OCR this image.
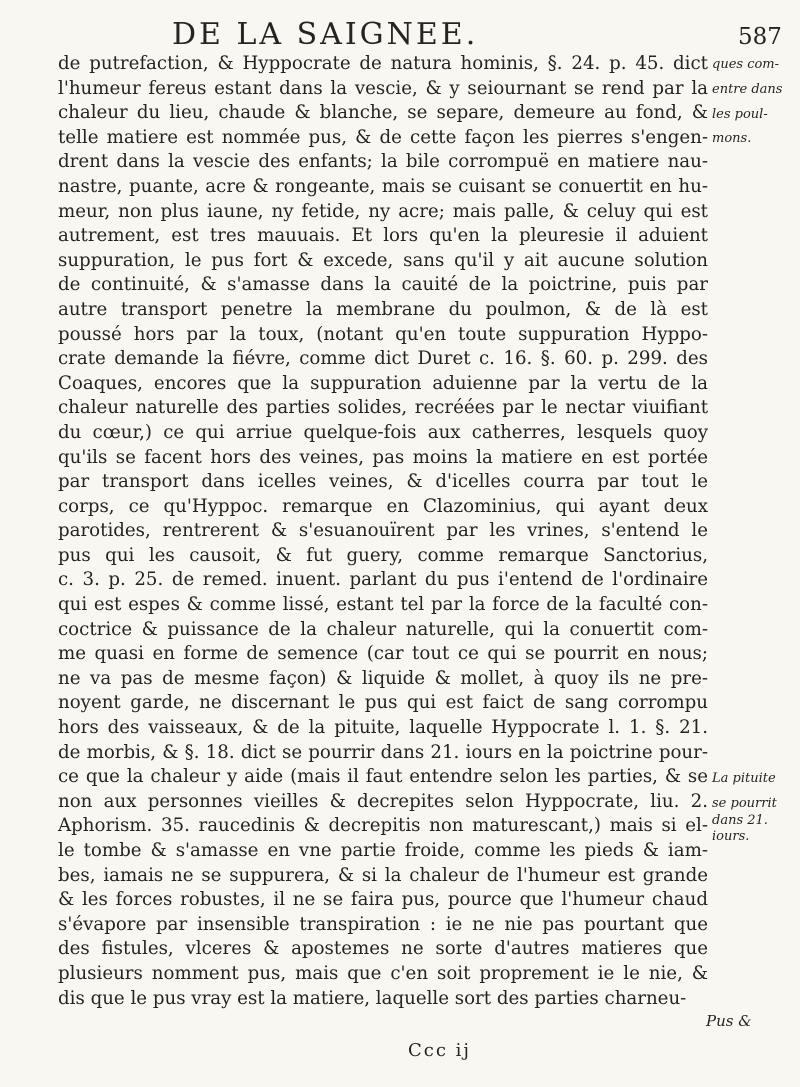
DE LA SAIGNEE.	587
de putrefaction, & Hyppocrate de natura hominis, §. 24. p. 45. dict
l'humeur fereus estant dans la vescie, & y seiournant se rend par la
chaleur du lieu, chaude & blanche, se separe, demeure au fond, &
telle matiere est nommée pus, & de cette façon les pierres s'engen-
drent dans la vescie des enfants; la bile corrompuë en matiere nau-
nastre, puante, acre & rongeante, mais se cuisant se conuertit en hu-
meur, non plus iaune, ny fetide, ny acre; mais palle, & celuy qui est
autrement, est tres mauuais. Et lors qu'en la pleuresie il aduient
suppuration, le pus fort & excede, sans qu'il y ait aucune solution
de continuité, & s'amasse dans la cauité de la poictrine, puis par
autre transport penetre la membrane du poulmon, & de là est
poussé hors par la toux, (notant qu'en toute suppuration Hyppo-
crate demande la fiévre, comme dict Duret c. 16. §. 60. p. 299. des
Coaques, encores que la suppuration aduienne par la vertu de la
chaleur naturelle des parties solides, recréées par le nectar viuifiant
du cœur,) ce qui arriue quelque-fois aux catherres, lesquels quoy
qu'ils se facent hors des veines, pas moins la matiere en est portée
par transport dans icelles veines, & d'icelles courra par tout le
corps, ce qu'Hyppoc. remarque en Clazominius, qui ayant deux
parotides, rentrerent & s'esuanouïrent par les vrines, s'entend le
pus qui les causoit, & fut guery, comme remarque Sanctorius,
c. 3. p. 25. de remed. inuent. parlant du pus i'entend de l'ordinaire
qui est espes & comme lissé, estant tel par la force de la faculté con-
coctrice & puissance de la chaleur naturelle, qui la conuertit com-
me quasi en forme de semence (car tout ce qui se pourrit en nous;
ne va pas de mesme façon) & liquide & mollet, à quoy ils ne pre-
noyent garde, ne discernant le pus qui est faict de sang corrompu
hors des vaisseaux, & de la pituite, laquelle Hyppocrate l. 1. §. 21.
de morbis, & §. 18. dict se pourrir dans 21. iours en la poictrine pour-
ce que la chaleur y aide (mais il faut entendre selon les parties, & se
non aux personnes vieilles & decrepites selon Hyppocrate, liu. 2.
Aphorism. 35. raucedinis & decrepitis non maturescant,) mais si el-
le tombe & s'amasse en vne partie froide, comme les pieds & iam-
bes, iamais ne se suppurera, & si la chaleur de l'humeur est grande
& les forces robustes, il ne se faira pus, pource que l'humeur chaud
s'évapore par insensible transpiration : ie ne nie pas pourtant que
des fistules, vlceres & apostemes ne sorte d'autres matieres que
plusieurs nomment pus, mais que c'en soit proprement ie le nie, &
dis que le pus vray est la matiere, laquelle sort des parties charneu-
ques com-
entre dans
les poul-
mons.
La pituite
se pourrit
dans 21.
iours.
Pus &
Ccc ij
